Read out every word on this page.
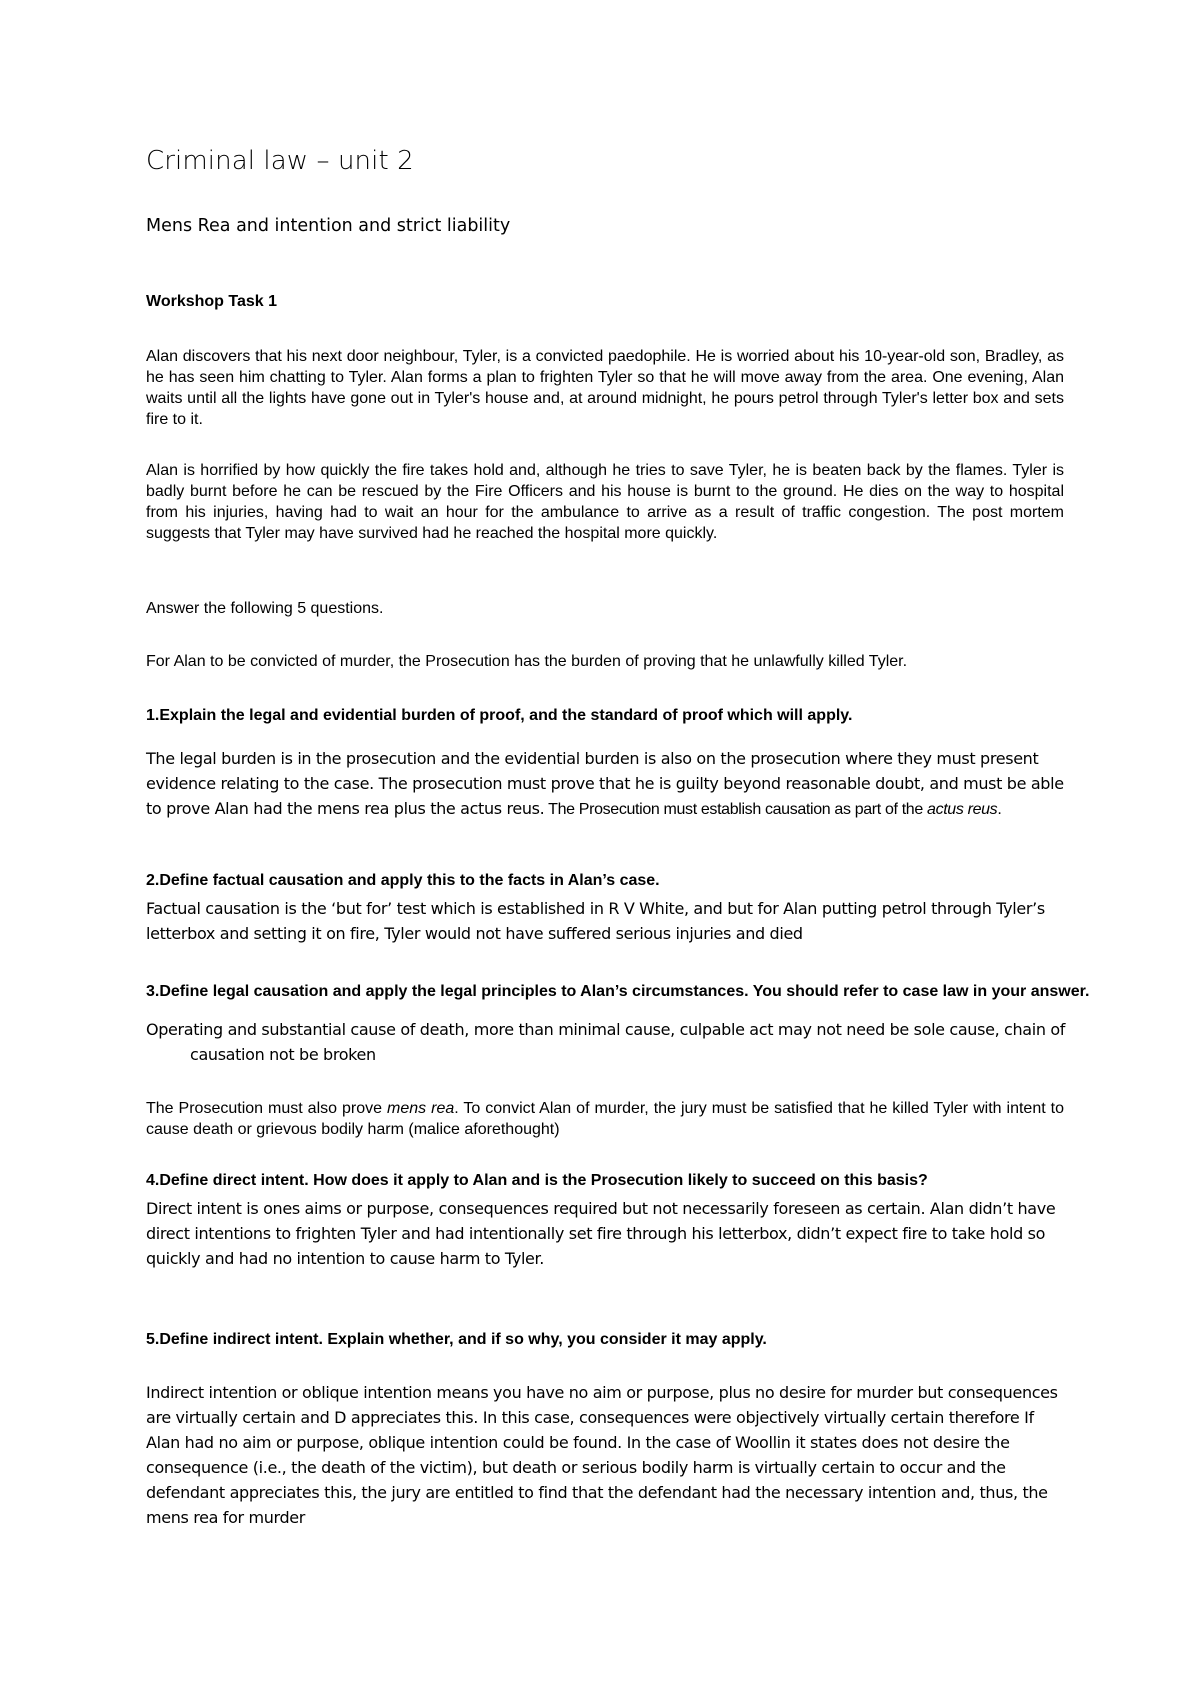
Criminal law – unit 2
Mens Rea and intention and strict liability

Workshop Task 1

Alan discovers that his next door neighbour, Tyler, is a convicted paedophile. He is worried about his 10-year-old son, Bradley, as he has seen him chatting to Tyler. Alan forms a plan to frighten Tyler so that he will move away from the area. One evening, Alan waits until all the lights have gone out in Tyler's house and, at around midnight, he pours petrol through Tyler's letter box and sets fire to it.

Alan is horrified by how quickly the fire takes hold and, although he tries to save Tyler, he is beaten back by the flames. Tyler is badly burnt before he can be rescued by the Fire Officers and his house is burnt to the ground. He dies on the way to hospital from his injuries, having had to wait an hour for the ambulance to arrive as a result of traffic congestion. The post mortem suggests that Tyler may have survived had he reached the hospital more quickly.

Answer the following 5 questions.

For Alan to be convicted of murder, the Prosecution has the burden of proving that he unlawfully killed Tyler.

1.Explain the legal and evidential burden of proof, and the standard of proof which will apply.

The legal burden is in the prosecution and the evidential burden is also on the prosecution where they must present evidence relating to the case. The prosecution must prove that he is guilty beyond reasonable doubt, and must be able to prove Alan had the mens rea plus the actus reus. The Prosecution must establish causation as part of the actus reus.

2.Define factual causation and apply this to the facts in Alan’s case.

Factual causation is the ‘but for’ test which is established in R V White, and but for Alan putting petrol through Tyler’s letterbox and setting it on fire, Tyler would not have suffered serious injuries and died

3.Define legal causation and apply the legal principles to Alan’s circumstances. You should refer to case law in your answer.

Operating and substantial cause of death, more than minimal cause, culpable act may not need be sole cause, chain of causation not be broken

The Prosecution must also prove mens rea. To convict Alan of murder, the jury must be satisfied that he killed Tyler with intent to cause death or grievous bodily harm (malice aforethought)

4.Define direct intent. How does it apply to Alan and is the Prosecution likely to succeed on this basis?

Direct intent is ones aims or purpose, consequences required but not necessarily foreseen as certain. Alan didn’t have direct intentions to frighten Tyler and had intentionally set fire through his letterbox, didn’t expect fire to take hold so quickly and had no intention to cause harm to Tyler.

5.Define indirect intent. Explain whether, and if so why, you consider it may apply.

Indirect intention or oblique intention means you have no aim or purpose, plus no desire for murder but consequences are virtually certain and D appreciates this. In this case, consequences were objectively virtually certain therefore If Alan had no aim or purpose, oblique intention could be found. In the case of Woollin it states does not desire the consequence (i.e., the death of the victim), but death or serious bodily harm is virtually certain to occur and the defendant appreciates this, the jury are entitled to find that the defendant had the necessary intention and, thus, the mens rea for murder
